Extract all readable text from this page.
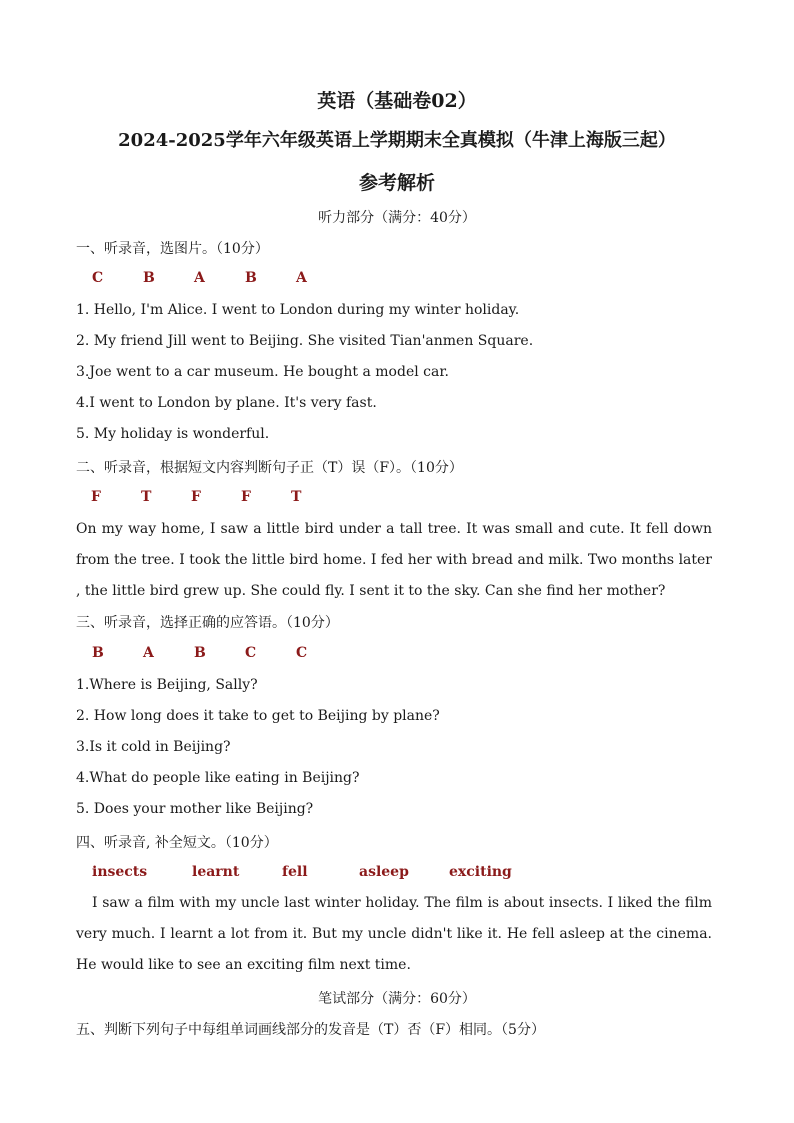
英语（基础卷02）
2024-2025学年六年级英语上学期期末全真模拟（牛津上海版三起）
参考解析
听力部分（满分：40分）
一、听录音，选图片。（10分）
C	B	A	B	A
1. Hello, I'm Alice. I went to London during my winter holiday.
2. My friend Jill went to Beijing. She visited Tian'anmen Square.
3.Joe went to a car museum. He bought a model car.
4.I went to London by plane. It's very fast.
5. My holiday is wonderful.
二、听录音，根据短文内容判断句子正（T）误（F）。（10分）
F	T	F	F	T
On my way home, I saw a little bird under a tall tree. It was small and cute. It fell down from the tree. I took the little bird home. I fed her with bread and milk. Two months later , the little bird grew up. She could fly. I sent it to the sky. Can she find her mother?
三、听录音，选择正确的应答语。（10分）
B	A	B	C	C
1.Where is Beijing, Sally?
2. How long does it take to get to Beijing by plane?
3.Is it cold in Beijing?
4.What do people like eating in Beijing?
5. Does your mother like Beijing?
四、听录音, 补全短文。（10分）
insects	learnt	fell	asleep	exciting
I saw a film with my uncle last winter holiday. The film is about insects. I liked the film very much. I learnt a lot from it. But my uncle didn't like it. He fell asleep at the cinema. He would like to see an exciting film next time.
笔试部分（满分：60分）
五、判断下列句子中每组单词画线部分的发音是（T）否（F）相同。（5分）
